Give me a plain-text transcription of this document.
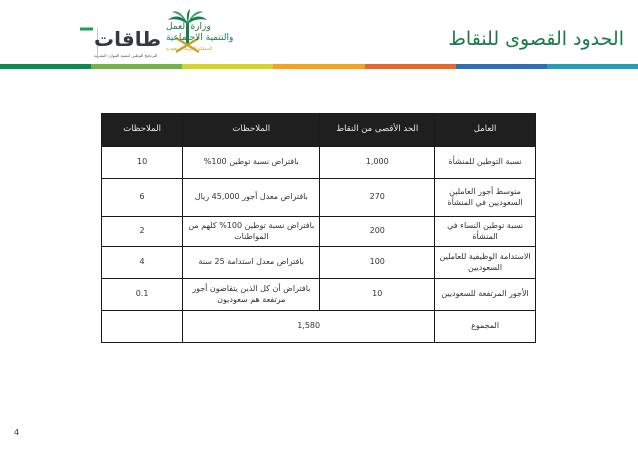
الحدود القصوى للنقاط
وزارة العمل
والتنمية الاجتماعية
المملكة العربية السعودية
طاقات
البرنامج الوطني لتنمية الموارد البشرية
العامل	الحد الأقصى من النقاط	الملاحظات	الملاحظات
نسبة التوطين للمنشأة	1,000	بافتراض نسبة توطين 100%	10
متوسط أجور العاملين السعوديين في المنشأة	270	بافتراض معدل أجور 45,000 ريال	6
نسبة توطين النساء في المنشأة	200	بافتراض نسبة توطين 100% كلهم من المواطنات	2
الاستدامة الوظيفية للعاملين السعوديين	100	بافتراض معدل استدامة 25 سنة	4
الأجور المرتفعة للسعوديين	10	بافتراض أن كل الذين يتقاضون أجور مرتفعة هم سعوديون	0.1
المجموع	1,580		
4
